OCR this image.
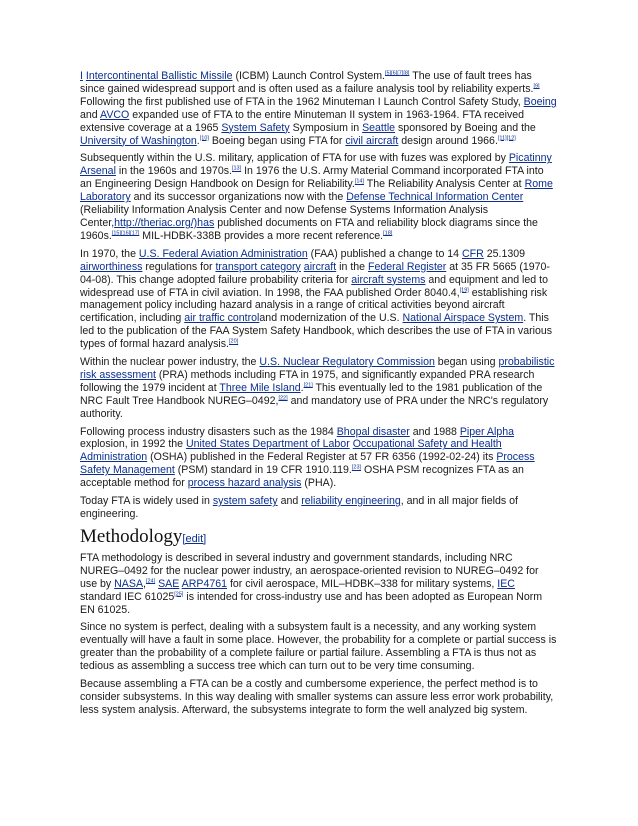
I Intercontinental Ballistic Missile (ICBM) Launch Control System.[5][6][7][8] The use of fault trees has since gained widespread support and is often used as a failure analysis tool by reliability experts.[9] Following the first published use of FTA in the 1962 Minuteman I Launch Control Safety Study, Boeing and AVCO expanded use of FTA to the entire Minuteman II system in 1963-1964. FTA received extensive coverage at a 1965 System Safety Symposium in Seattle sponsored by Boeing and the University of Washington.[10] Boeing began using FTA for civil aircraft design around 1966.[11][12]

Subsequently within the U.S. military, application of FTA for use with fuzes was explored by Picatinny Arsenal in the 1960s and 1970s.[13] In 1976 the U.S. Army Material Command incorporated FTA into an Engineering Design Handbook on Design for Reliability.[14] The Reliability Analysis Center at Rome Laboratory and its successor organizations now with the Defense Technical Information Center (Reliability Information Analysis Center and now Defense Systems Information Analysis Center,http://theriac.org/)has published documents on FTA and reliability block diagrams since the 1960s.[15][16][17] MIL-HDBK-338B provides a more recent reference.[18]

In 1970, the U.S. Federal Aviation Administration (FAA) published a change to 14 CFR 25.1309 airworthiness regulations for transport category aircraft in the Federal Register at 35 FR 5665 (1970-04-08). This change adopted failure probability criteria for aircraft systems and equipment and led to widespread use of FTA in civil aviation. In 1998, the FAA published Order 8040.4,[19] establishing risk management policy including hazard analysis in a range of critical activities beyond aircraft certification, including air traffic controland modernization of the U.S. National Airspace System. This led to the publication of the FAA System Safety Handbook, which describes the use of FTA in various types of formal hazard analysis.[20]

Within the nuclear power industry, the U.S. Nuclear Regulatory Commission began using probabilistic risk assessment (PRA) methods including FTA in 1975, and significantly expanded PRA research following the 1979 incident at Three Mile Island.[21] This eventually led to the 1981 publication of the NRC Fault Tree Handbook NUREG–0492,[22] and mandatory use of PRA under the NRC's regulatory authority.

Following process industry disasters such as the 1984 Bhopal disaster and 1988 Piper Alpha explosion, in 1992 the United States Department of Labor Occupational Safety and Health Administration (OSHA) published in the Federal Register at 57 FR 6356 (1992-02-24) its Process Safety Management (PSM) standard in 19 CFR 1910.119.[23] OSHA PSM recognizes FTA as an acceptable method for process hazard analysis (PHA).

Today FTA is widely used in system safety and reliability engineering, and in all major fields of engineering.

Methodology[edit]

FTA methodology is described in several industry and government standards, including NRC NUREG–0492 for the nuclear power industry, an aerospace-oriented revision to NUREG–0492 for use by NASA,[24] SAE ARP4761 for civil aerospace, MIL–HDBK–338 for military systems, IEC standard IEC 61025[25] is intended for cross-industry use and has been adopted as European Norm EN 61025.

Since no system is perfect, dealing with a subsystem fault is a necessity, and any working system eventually will have a fault in some place. However, the probability for a complete or partial success is greater than the probability of a complete failure or partial failure. Assembling a FTA is thus not as tedious as assembling a success tree which can turn out to be very time consuming.

Because assembling a FTA can be a costly and cumbersome experience, the perfect method is to consider subsystems. In this way dealing with smaller systems can assure less error work probability, less system analysis. Afterward, the subsystems integrate to form the well analyzed big system.
